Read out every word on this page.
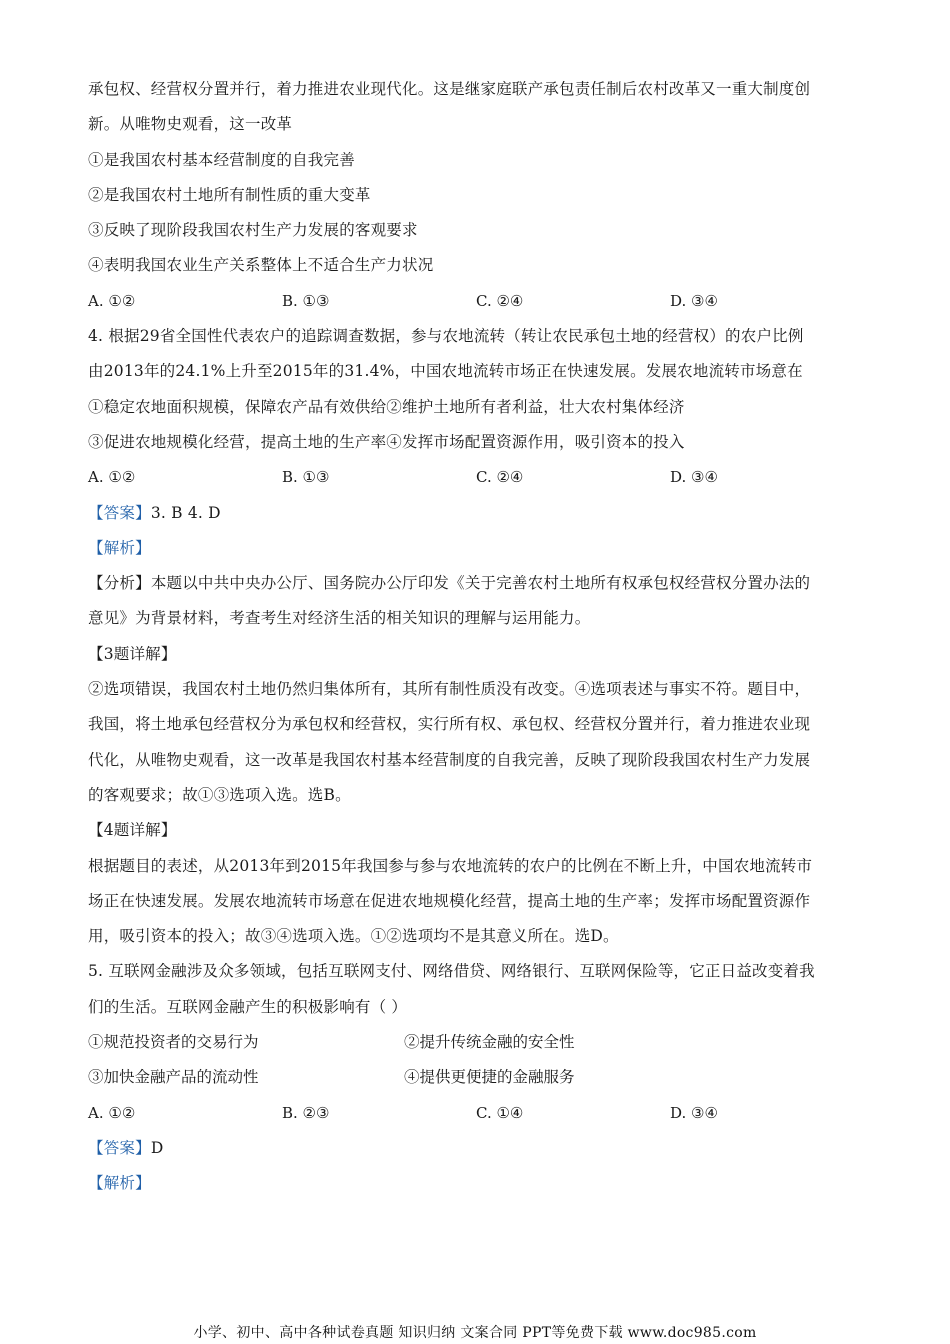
承包权、经营权分置并行，着力推进农业现代化。这是继家庭联产承包责任制后农村改革又一重大制度创
新。从唯物史观看，这一改革
①是我国农村基本经营制度的自我完善
②是我国农村土地所有制性质的重大变革
③反映了现阶段我国农村生产力发展的客观要求
④表明我国农业生产关系整体上不适合生产力状况
A. ①②	B. ①③	C. ②④	D. ③④
4. 根据29省全国性代表农户的追踪调查数据，参与农地流转（转让农民承包土地的经营权）的农户比例
由2013年的24.1%上升至2015年的31.4%，中国农地流转市场正在快速发展。发展农地流转市场意在
①稳定农地面积规模，保障农产品有效供给②维护土地所有者利益，壮大农村集体经济
③促进农地规模化经营，提高土地的生产率④发挥市场配置资源作用，吸引资本的投入
A. ①②	B. ①③	C. ②④	D. ③④
【答案】3. B 4. D
【解析】
【分析】本题以中共中央办公厅、国务院办公厅印发《关于完善农村土地所有权承包权经营权分置办法的
意见》为背景材料，考查考生对经济生活的相关知识的理解与运用能力。
【3题详解】
②选项错误，我国农村土地仍然归集体所有，其所有制性质没有改变。④选项表述与事实不符。题目中，
我国，将土地承包经营权分为承包权和经营权，实行所有权、承包权、经营权分置并行，着力推进农业现
代化，从唯物史观看，这一改革是我国农村基本经营制度的自我完善，反映了现阶段我国农村生产力发展
的客观要求；故①③选项入选。选B。
【4题详解】
根据题目的表述，从2013年到2015年我国参与参与农地流转的农户的比例在不断上升，中国农地流转市
场正在快速发展。发展农地流转市场意在促进农地规模化经营，提高土地的生产率；发挥市场配置资源作
用，吸引资本的投入；故③④选项入选。①②选项均不是其意义所在。选D。
5. 互联网金融涉及众多领域，包括互联网支付、网络借贷、网络银行、互联网保险等，它正日益改变着我
们的生活。互联网金融产生的积极影响有（ ）
①规范投资者的交易行为	②提升传统金融的安全性
③加快金融产品的流动性	④提供更便捷的金融服务
A. ①②	B. ②③	C. ①④	D. ③④
【答案】D
【解析】
小学、初中、高中各种试卷真题 知识归纳 文案合同 PPT等免费下载 www.doc985.com
